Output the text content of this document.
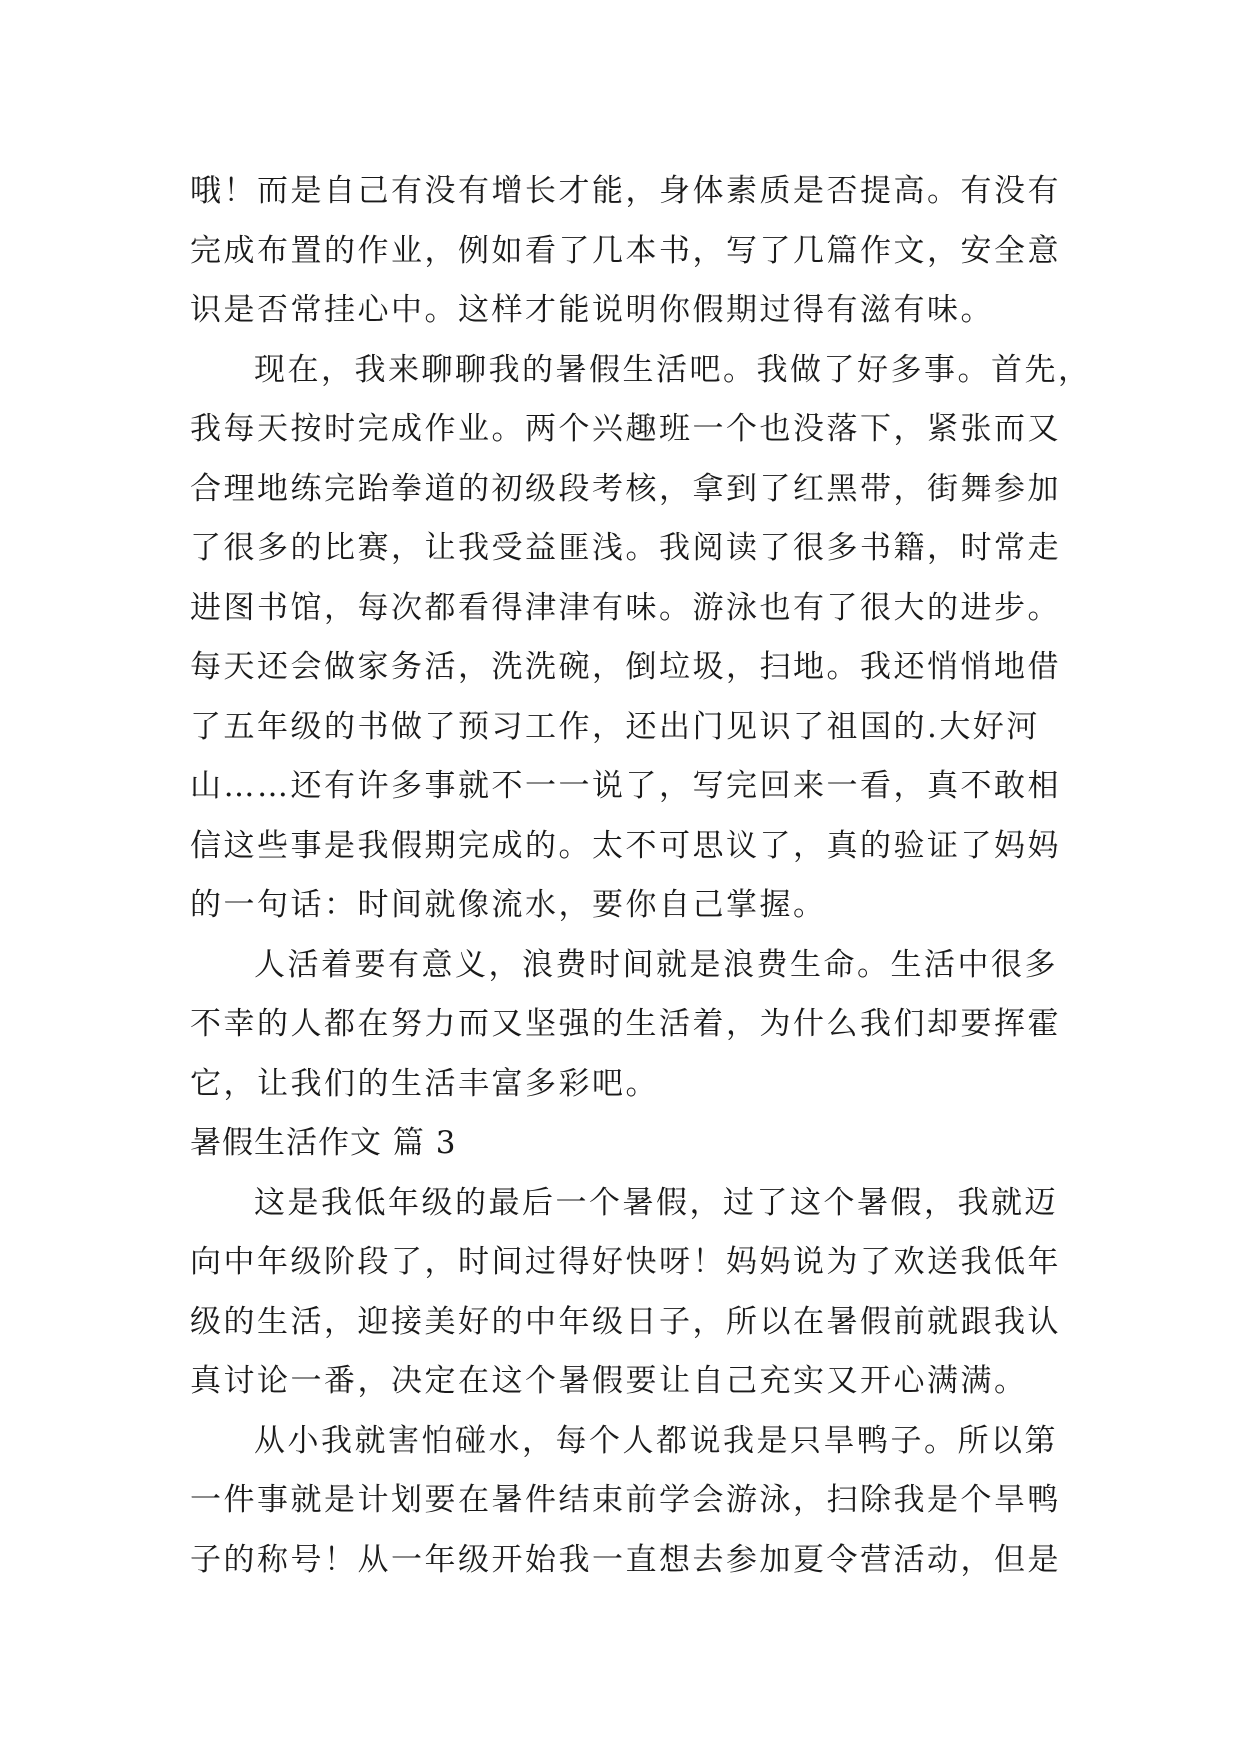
哦！而是自己有没有增长才能，身体素质是否提高。有没有
完成布置的作业，例如看了几本书，写了几篇作文，安全意
识是否常挂心中。这样才能说明你假期过得有滋有味。
现在，我来聊聊我的暑假生活吧。我做了好多事。首先，
我每天按时完成作业。两个兴趣班一个也没落下，紧张而又
合理地练完跆拳道的初级段考核，拿到了红黑带，街舞参加
了很多的比赛，让我受益匪浅。我阅读了很多书籍，时常走
进图书馆，每次都看得津津有味。游泳也有了很大的进步。
每天还会做家务活，洗洗碗，倒垃圾，扫地。我还悄悄地借
了五年级的书做了预习工作，还出门见识了祖国的.大好河
山……还有许多事就不一一说了，写完回来一看，真不敢相
信这些事是我假期完成的。太不可思议了，真的验证了妈妈
的一句话：时间就像流水，要你自己掌握。
人活着要有意义，浪费时间就是浪费生命。生活中很多
不幸的人都在努力而又坚强的生活着，为什么我们却要挥霍
它，让我们的生活丰富多彩吧。
暑假生活作文 篇 3
这是我低年级的最后一个暑假，过了这个暑假，我就迈
向中年级阶段了，时间过得好快呀！妈妈说为了欢送我低年
级的生活，迎接美好的中年级日子，所以在暑假前就跟我认
真讨论一番，决定在这个暑假要让自己充实又开心满满。
从小我就害怕碰水，每个人都说我是只旱鸭子。所以第
一件事就是计划要在暑件结束前学会游泳，扫除我是个旱鸭
子的称号！从一年级开始我一直想去参加夏令营活动，但是
